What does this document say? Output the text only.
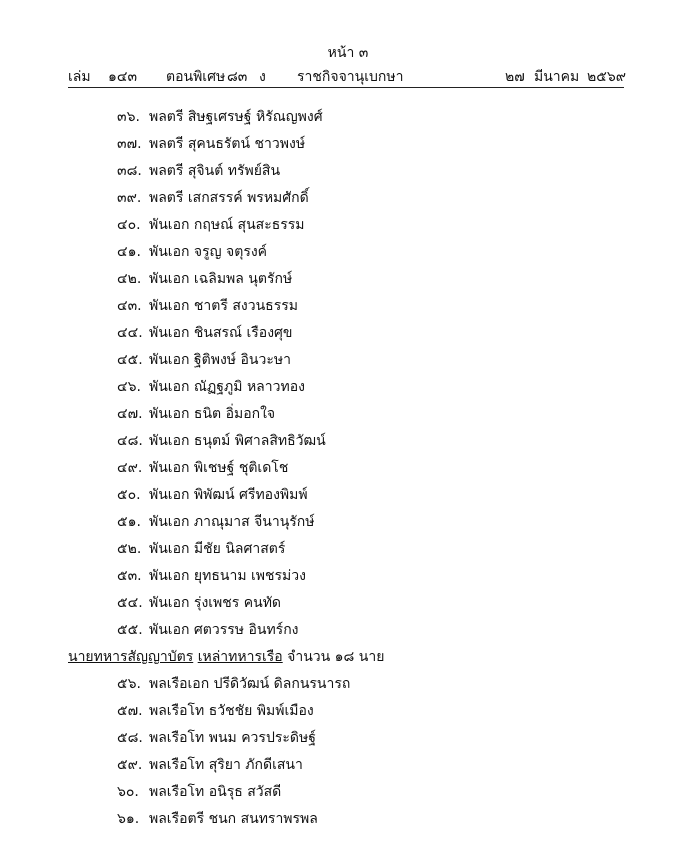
หน้า ๓
เล่ม ๑๔๓ ตอนพิเศษ ๘๓ ง ราชกิจจานุเบกษา	๒๗ มีนาคม ๒๕๖๙
๓๖. พลตรี สิษฐเศรษฐ์ หิรัณญพงศ์
๓๗. พลตรี สุคนธรัตน์ ชาวพงษ์
๓๘. พลตรี สุจินต์ ทรัพย์สิน
๓๙. พลตรี เสกสรรค์ พรหมศักดิ์
๔๐. พันเอก กฤษณ์ สุนสะธรรม
๔๑. พันเอก จรูญ จตุรงค์
๔๒. พันเอก เฉลิมพล นุตรักษ์
๔๓. พันเอก ชาตรี สงวนธรรม
๔๔. พันเอก ชินสรณ์ เรืองศุข
๔๕. พันเอก ฐิติพงษ์ อินวะษา
๔๖. พันเอก ณัฏฐภูมิ หลาวทอง
๔๗. พันเอก ธนิต อิ่มอกใจ
๔๘. พันเอก ธนุตม์ พิศาลสิทธิวัฒน์
๔๙. พันเอก พิเชษฐ์ ชุติเดโช
๕๐. พันเอก พิพัฒน์ ศรีทองพิมพ์
๕๑. พันเอก ภาณุมาส จีนานุรักษ์
๕๒. พันเอก มีชัย นิลศาสตร์
๕๓. พันเอก ยุทธนาม เพชรม่วง
๕๔. พันเอก รุ่งเพชร คนทัด
๕๕. พันเอก ศตวรรษ อินทร์กง
นายทหารสัญญาบัตร เหล่าทหารเรือ จำนวน ๑๘ นาย
๕๖. พลเรือเอก ปรีดิวัฒน์ ดิลกนรนารถ
๕๗. พลเรือโท ธวัชชัย พิมพ์เมือง
๕๘. พลเรือโท พนม ควรประดิษฐ์
๕๙. พลเรือโท สุริยา ภักดีเสนา
๖๐. พลเรือโท อนิรุธ สวัสดี
๖๑. พลเรือตรี ชนก สนทราพรพล
